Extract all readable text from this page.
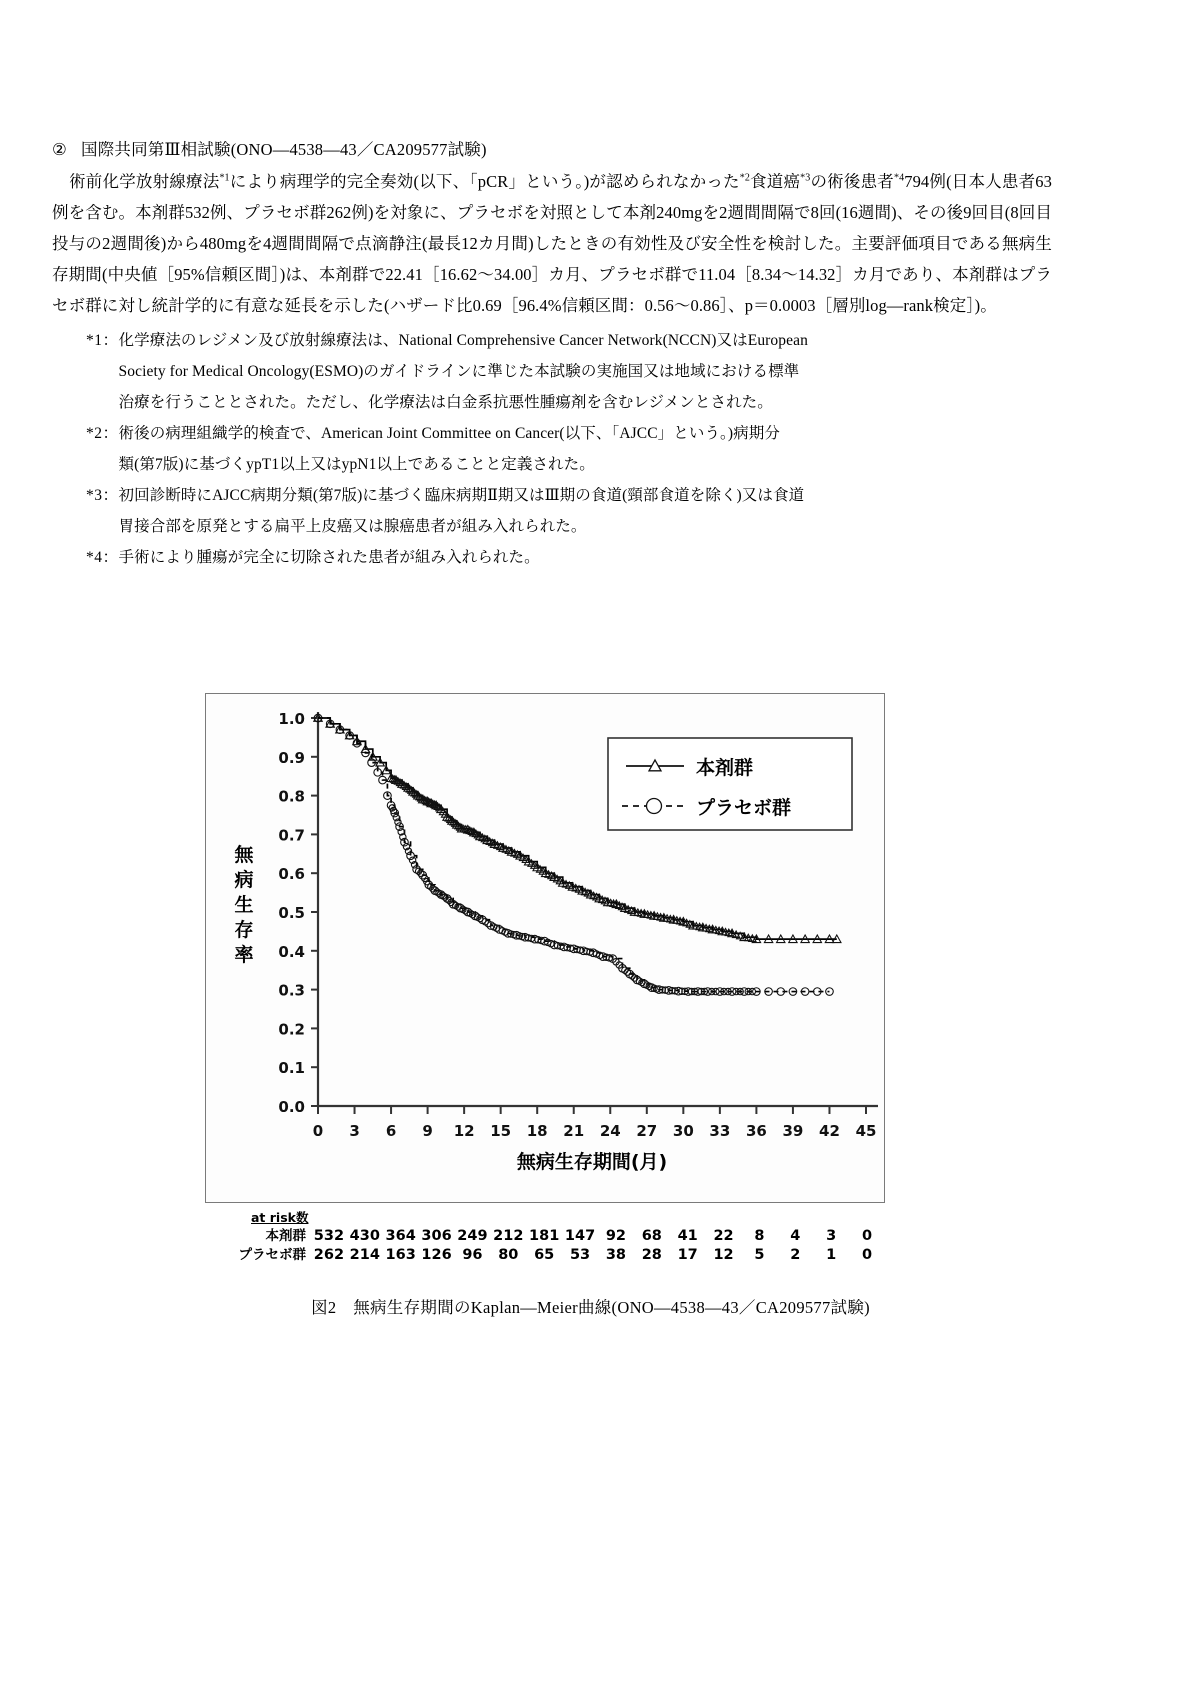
② 国際共同第Ⅲ相試験(ONO―4538―43／CA209577試験)
術前化学放射線療法$^{*1}$により病理学的完全奏効(以下、「pCR」という。)が認められなかった$^{*2}$食道癌$^{*3}$の術後患者$^{*4}$794例(日本人患者63例を含む。本剤群532例、プラセボ群262例)を対象に、プラセボを対照として本剤240mgを2週間間隔で8回(16週間)、その後9回目(8回目投与の2週間後)から480mgを4週間間隔で点滴静注(最長12カ月間)したときの有効性及び安全性を検討した。主要評価項目である無病生存期間(中央値［95%信頼区間］)は、本剤群で22.41［16.62〜34.00］カ月、プラセボ群で11.04［8.34〜14.32］カ月であり、本剤群はプラセボ群に対し統計学的に有意な延長を示した(ハザード比0.69［96.4%信頼区間：0.56〜0.86］、p＝0.0003［層別log―rank検定］)。
*1： 化学療法のレジメン及び放射線療法は、National Comprehensive Cancer Network(NCCN)又はEuropean
Society for Medical Oncology(ESMO)のガイドラインに準じた本試験の実施国又は地域における標準
治療を行うこととされた。ただし、化学療法は白金系抗悪性腫瘍剤を含むレジメンとされた。
*2： 術後の病理組織学的検査で、American Joint Committee on Cancer(以下、「AJCC」という。)病期分
類(第7版)に基づくypT1以上又はypN1以上であることと定義された。
*3： 初回診断時にAJCC病期分類(第7版)に基づく臨床病期Ⅱ期又はⅢ期の食道(頸部食道を除く)又は食道
胃接合部を原発とする扁平上皮癌又は腺癌患者が組み入れられた。
*4： 手術により腫瘍が完全に切除された患者が組み入れられた。
0.0
0.1
0.2
0.3
0.4
0.5
0.6
0.7
0.8
0.9
1.0
0 3 6 9 12 15 18 21 24 27 30 33 36 39 42 45
無病生存期間(月)
本剤群
プラセボ群
無
病
生
存
率
at risk数
本剤群 532 430 364 306 249 212 181 147 92	68	41	22	8	4	3	0
プラセボ群 262 214 163 126 96	80	65	53	38	28	17	12	5	2	1	0
図2　無病生存期間のKaplan―Meier曲線(ONO―4538―43／CA209577試験)
